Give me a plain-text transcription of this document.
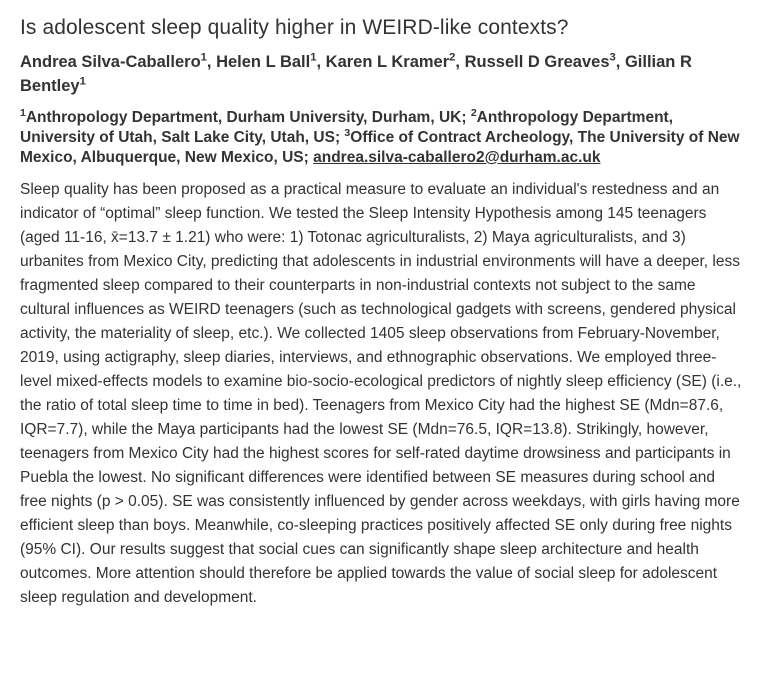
Is adolescent sleep quality higher in WEIRD-like contexts?
Andrea Silva-Caballero$^1$, Helen L Ball$^1$, Karen L Kramer$^2$, Russell D Greaves$^3$, Gillian R Bentley$^1$
$^1$Anthropology Department, Durham University, Durham, UK; $^2$Anthropology Department, University of Utah, Salt Lake City, Utah, US; $^3$Office of Contract Archeology, The University of New Mexico, Albuquerque, New Mexico, US; andrea.silva-caballero2@durham.ac.uk

Sleep quality has been proposed as a practical measure to evaluate an individual's restedness and an indicator of “optimal” sleep function. We tested the Sleep Intensity Hypothesis among 145 teenagers (aged 11-16, x̄=13.7 ± 1.21) who were: 1) Totonac agriculturalists, 2) Maya agriculturalists, and 3) urbanites from Mexico City, predicting that adolescents in industrial environments will have a deeper, less fragmented sleep compared to their counterparts in non-industrial contexts not subject to the same cultural influences as WEIRD teenagers (such as technological gadgets with screens, gendered physical activity, the materiality of sleep, etc.). We collected 1405 sleep observations from February-November, 2019, using actigraphy, sleep diaries, interviews, and ethnographic observations. We employed three-level mixed-effects models to examine bio-socio-ecological predictors of nightly sleep efficiency (SE) (i.e., the ratio of total sleep time to time in bed). Teenagers from Mexico City had the highest SE (Mdn=87.6, IQR=7.7), while the Maya participants had the lowest SE (Mdn=76.5, IQR=13.8). Strikingly, however, teenagers from Mexico City had the highest scores for self-rated daytime drowsiness and participants in Puebla the lowest. No significant differences were identified between SE measures during school and free nights (p > 0.05). SE was consistently influenced by gender across weekdays, with girls having more efficient sleep than boys. Meanwhile, co-sleeping practices positively affected SE only during free nights (95% CI). Our results suggest that social cues can significantly shape sleep architecture and health outcomes. More attention should therefore be applied towards the value of social sleep for adolescent sleep regulation and development.
